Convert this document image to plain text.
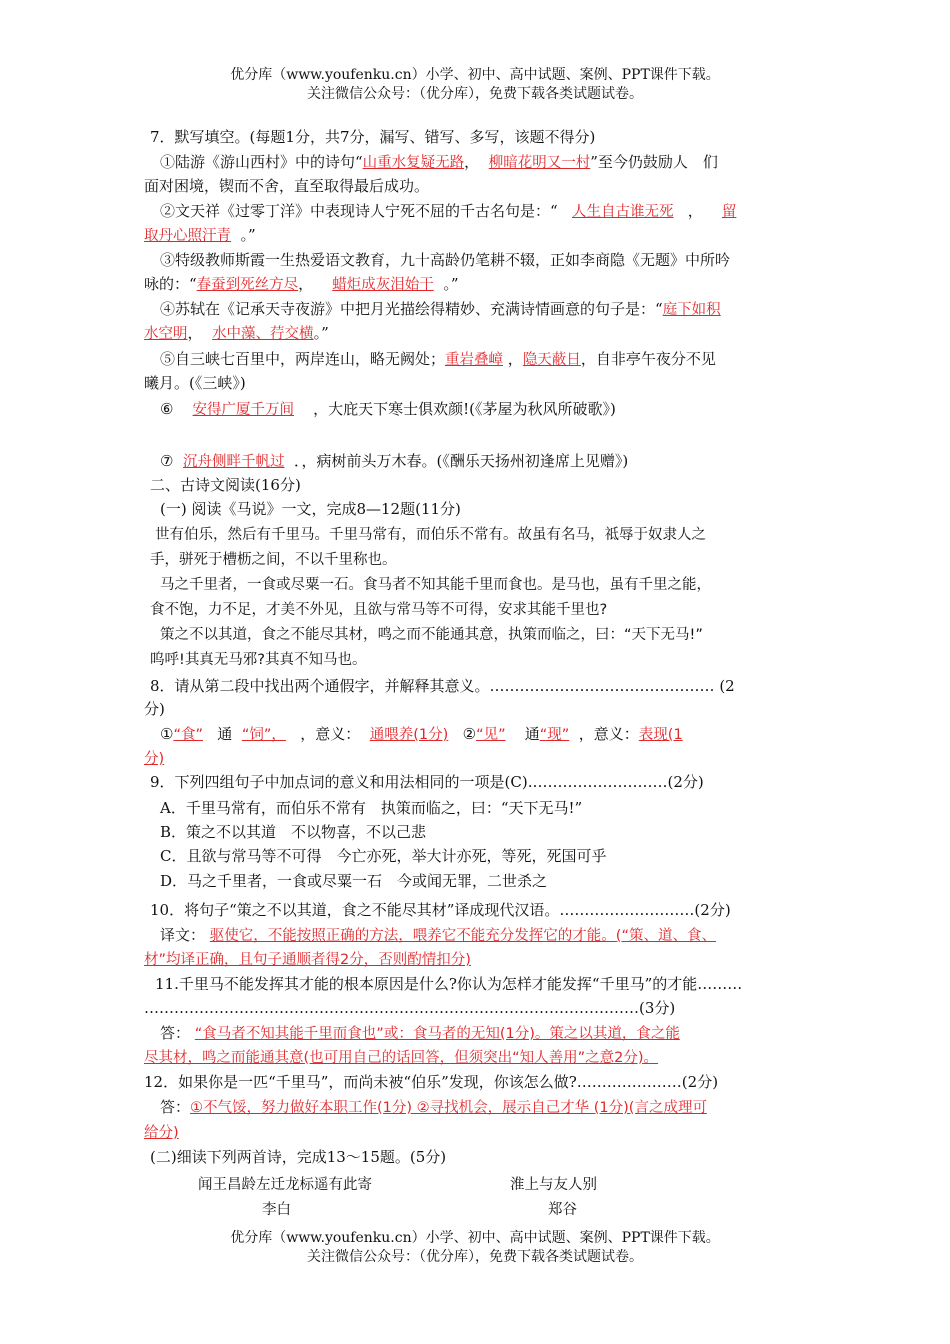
优分库（www.youfenku.cn）小学、初中、高中试题、案例、PPT课件下载。
关注微信公众号：（优分库），免费下载各类试题试卷。
7．默写填空。(每题1分，共7分，漏写、错写、多写，该题不得分)
①陆游《游山西村》中的诗句“山重水复疑无路， 柳暗花明又一村”至今仍鼓励人　们
面对困境，锲而不舍，直至取得最后成功。
②文天祥《过零丁洋》中表现诗人宁死不屈的千古名句是：“ 人生自古谁无死 ， 留
取丹心照汗青 。”
③特级教师斯霞一生热爱语文教育，九十高龄仍笔耕不辍，正如李商隐《无题》中所吟
咏的：“春蚕到死丝方尽， 蜡炬成灰泪始干 。”
④苏轼在《记承天寺夜游》中把月光描绘得精妙、充满诗情画意的句子是：“庭下如积
水空明， 水中藻、荇交横。”
⑤自三峡七百里中，两岸连山，略无阙处；重岩叠嶂 ，隐天蔽日，自非亭午夜分不见
曦月。(《三峡》)
⑥ 安得广厦千万间 ，大庇天下寒士俱欢颜!(《茅屋为秋风所破歌》)
⑦ 沉舟侧畔千帆过 ．，病树前头万木春。(《酬乐天扬州初逢席上见赠》)
二、古诗文阅读(16分)
(一) 阅读《马说》一文，完成8—12题(11分)
世有伯乐，然后有千里马。千里马常有，而伯乐不常有。故虽有名马，祗辱于奴隶人之
手，骈死于槽枥之间，不以千里称也。
马之千里者，一食或尽粟一石。食马者不知其能千里而食也。是马也，虽有千里之能，
食不饱，力不足，才美不外见，且欲与常马等不可得，安求其能千里也?
策之不以其道，食之不能尽其材，鸣之而不能通其意，执策而临之，曰：“天下无马!”
呜呼!其真无马邪?其真不知马也。
8．请从第二段中找出两个通假字，并解释其意义。……………………………………… (2
分)
①“食” 通 “饲”， ，意义： 通喂养(1分) ②“见” 通“现” ，意义：表现(1
分)
9．下列四组句子中加点词的意义和用法相同的一项是(C).………………………(2分)
A．千里马常有，而伯乐不常有　执策而临之，曰：“天下无马!”
B．策之不以其道　不以物喜，不以己悲
C．且欲与常马等不可得　今亡亦死，举大计亦死，等死，死国可乎
D．马之千里者，一食或尽粟一石　今或闻无罪，二世杀之
10．将句子“策之不以其道，食之不能尽其材”译成现代汉语。………………………(2分)
译文： 驱使它，不能按照正确的方法，喂养它不能充分发挥它的才能。(“策、道、食、
材”均译正确，且句子通顺者得2分，否则酌情扣分)
11.千里马不能发挥其才能的根本原因是什么?你认为怎样才能发挥“千里马”的才能………
………………………………………………………………………………………(3分)
答： “食马者不知其能千里而食也”或：食马者的无知(1分)。策之以其道，食之能
尽其材，鸣之而能通其意(也可用自己的话回答，但须突出“知人善用”之意2分)。
12．如果你是一匹“千里马”，而尚未被“伯乐”发现，你该怎么做?…………………(2分)
答：①不气馁，努力做好本职工作(1分) ②寻找机会，展示自己才华 (1分)(言之成理可
给分)
(二)细读下列两首诗，完成13～15题。(5分)
闻王昌龄左迁龙标遥有此寄
李白
淮上与友人别
郑谷
优分库（www.youfenku.cn）小学、初中、高中试题、案例、PPT课件下载。
关注微信公众号：（优分库），免费下载各类试题试卷。
